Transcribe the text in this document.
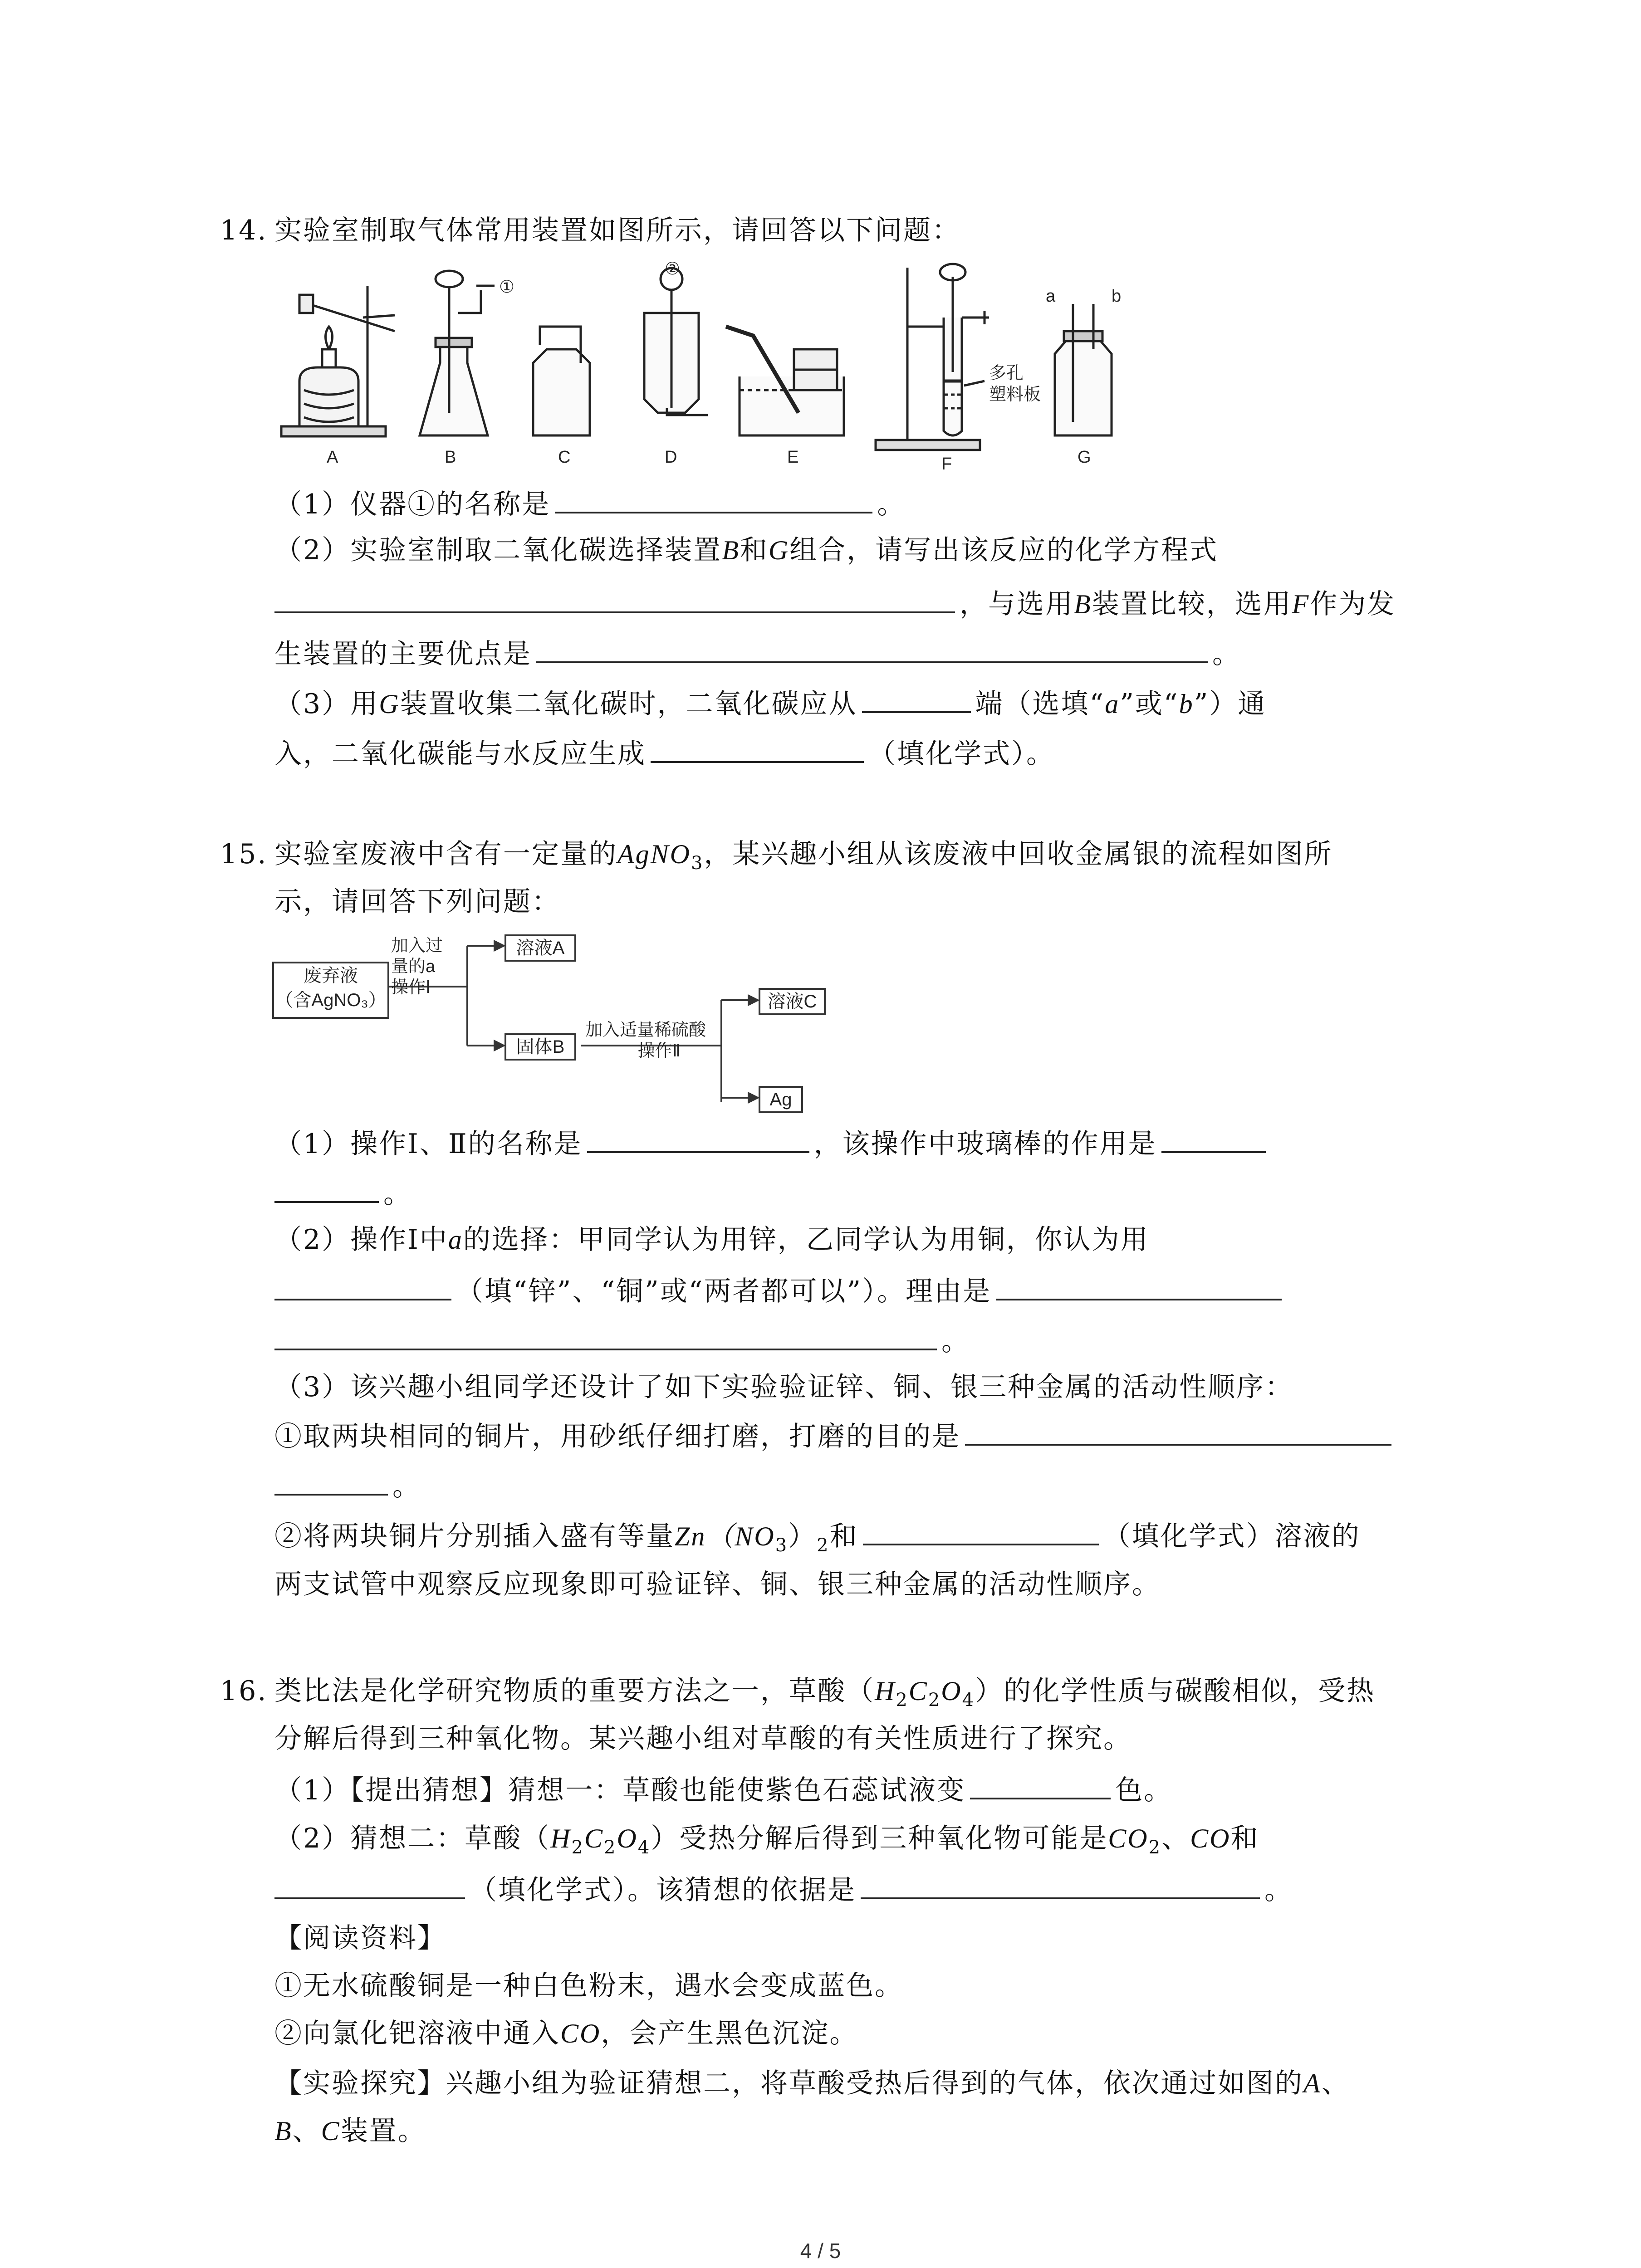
14. 实验室制取气体常用装置如图所示，请回答以下问题：
A	B	C	D	E	F	G
①
②
多孔
塑料板
a	b
（1）仪器①的名称是	。
（2）实验室制取二氧化碳选择装置B和G组合，请写出该反应的化学方程式
，与选用B装置比较，选用F作为发
生装置的主要优点是	。
（3）用G装置收集二氧化碳时，二氧化碳应从	端（选填“a”或“b”）通
入，二氧化碳能与水反应生成	（填化学式）。
15. 实验室废液中含有一定量的AgNO$_3$，某兴趣小组从该废液中回收金属银的流程如图所
示，请回答下列问题：
废弃液
（含AgNO₃）
加入过
量的a
操作Ⅰ
溶液A
固体B
加入适量稀硫酸
操作Ⅱ
溶液C
Ag
（1）操作Ⅰ、Ⅱ的名称是	，该操作中玻璃棒的作用是
。
（2）操作Ⅰ中a的选择：甲同学认为用锌，乙同学认为用铜，你认为用
（填“锌”、“铜”或“两者都可以”）。理由是
。
（3）该兴趣小组同学还设计了如下实验验证锌、铜、银三种金属的活动性顺序：
①取两块相同的铜片，用砂纸仔细打磨，打磨的目的是
。
②将两块铜片分别插入盛有等量$Zn(NO_3)_2$和	（填化学式）溶液的
两支试管中观察反应现象即可验证锌、铜、银三种金属的活动性顺序。
16. 类比法是化学研究物质的重要方法之一，草酸$(H_2C_2O_4)$的化学性质与碳酸相似，受热
分解后得到三种氧化物。某兴趣小组对草酸的有关性质进行了探究。
（1）【提出猜想】猜想一：草酸也能使紫色石蕊试液变	色。
（2）猜想二：草酸$(H_2C_2O_4)$受热分解后得到三种氧化物可能是$CO_2$、CO和
（填化学式）。该猜想的依据是	。
【阅读资料】
①无水硫酸铜是一种白色粉末，遇水会变成蓝色。
②向氯化钯溶液中通入CO，会产生黑色沉淀。
【实验探究】兴趣小组为验证猜想二，将草酸受热后得到的气体，依次通过如图的A、
B、C装置。
4 / 5
